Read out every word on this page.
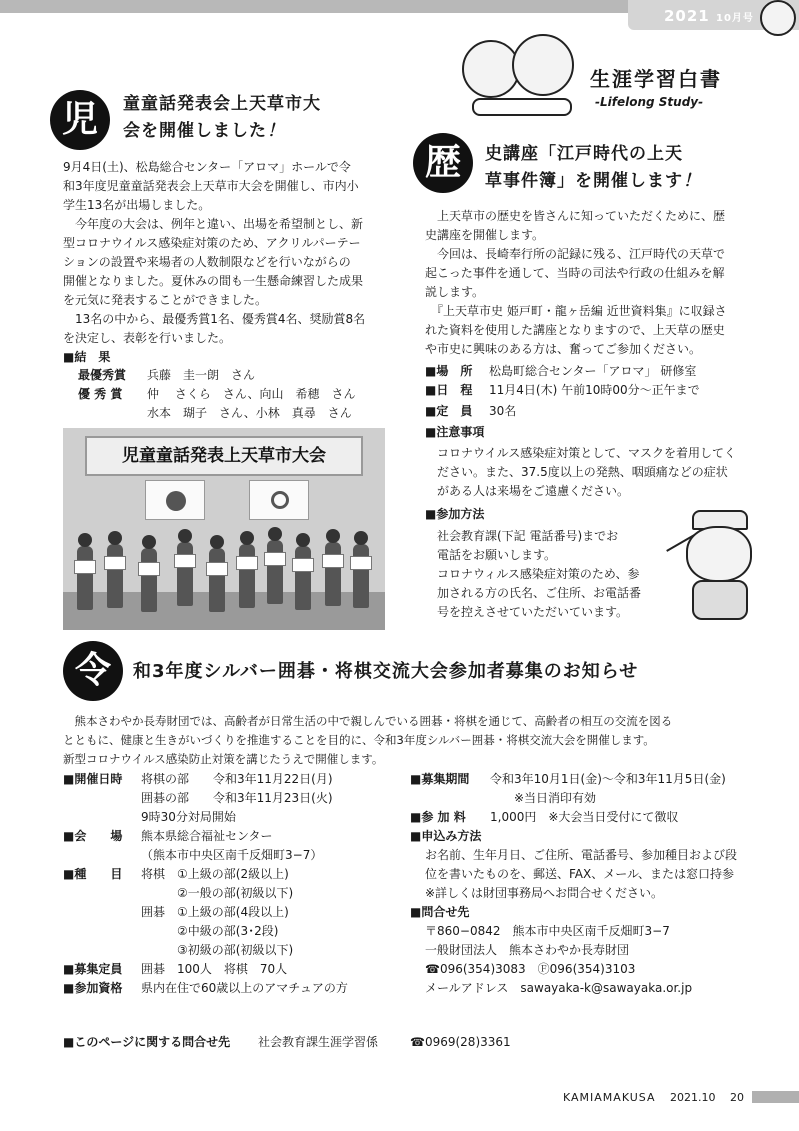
2021 10月号
生涯学習白書
-Lifelong Study-
児	童童話発表会上天草市大
会を開催しました！
9月4日(土)、松島総合センター「アロマ」ホールで令
和3年度児童童話発表会上天草市大会を開催し、市内小
学生13名が出場しました。
　今年度の大会は、例年と違い、出場を希望制とし、新
型コロナウイルス感染症対策のため、アクリルパーテー
ションの設置や来場者の人数制限などを行いながらの
開催となりました。夏休みの間も一生懸命練習した成果
を元気に発表することができました。
　13名の中から、最優秀賞1名、優秀賞4名、奨励賞8名
を決定し、表彰を行いました。
■結　果
最優秀賞 兵藤　圭一朗　さん
優 秀 賞 仲　 さくら　さん、向山　希穂　さん
水本　瑚子　さん、小林　真尋　さん
児童童話発表上天草市大会
歴	史講座「江戸時代の上天
草事件簿」を開催します！
　上天草市の歴史を皆さんに知っていただくために、歴
史講座を開催します。
　今回は、長崎奉行所の記録に残る、江戸時代の天草で
起こった事件を通して、当時の司法や行政の仕組みを解
説します。
　『上天草市史 姫戸町・龍ヶ岳編 近世資料集』に収録さ
れた資料を使用した講座となりますので、上天草の歴史
や市史に興味のある方は、奮ってご参加ください。
■場　所 松島町総合センター「アロマ」 研修室
■日　程 11月4日(木) 午前10時00分～正午まで
■定　員 30名
■注意事項
コロナウイルス感染症対策として、マスクを着用してく
ださい。また、37.5度以上の発熱、咽頭痛などの症状
がある人は来場をご遠慮ください。
■参加方法
社会教育課(下記 電話番号)までお
電話をお願いします。
コロナウィルス感染症対策のため、参
加される方の氏名、ご住所、お電話番
号を控えさせていただいています。
令	和3年度シルバー囲碁・将棋交流大会参加者募集のお知らせ
　熊本さわやか長寿財団では、高齢者が日常生活の中で親しんでいる囲碁・将棋を通じて、高齢者の相互の交流を図る
とともに、健康と生きがいづくりを推進することを目的に、令和3年度シルバー囲碁・将棋交流大会を開催します。
新型コロナウイルス感染防止対策を講じたうえで開催します。
■開催日時 将棋の部　　令和3年11月22日(月)
囲碁の部　　令和3年11月23日(火)
9時30分対局開始
■会　　場 熊本県総合福祉センター
（熊本市中央区南千反畑町3−7）
■種　　目 将棋　①上級の部(2級以上)
　　　②一般の部(初級以下)
囲碁　①上級の部(4段以上)
　　　②中級の部(3･2段)
　　　③初級の部(初級以下)
■募集定員 囲碁　100人　将棋　70人
■参加資格 県内在住で60歳以上のアマチュアの方
■募集期間 令和3年10月1日(金)～令和3年11月5日(金)
　　※当日消印有効
■参 加 料 1,000円　※大会当日受付にて徴収
■申込み方法
お名前、生年月日、ご住所、電話番号、参加種目および段
位を書いたものを、郵送、FAX、メール、または窓口持参
※詳しくは財団事務局へお問合せください。
■問合せ先
〒860−0842　熊本市中央区南千反畑町3−7
一般財団法人　熊本さわやか長寿財団
☎096(354)3083　Ⓕ096(354)3103
メールアドレス　sawayaka-k@sawayaka.or.jp
■このページに関する問合せ先 社会教育課生涯学習係	☎0969(28)3361
KAMIAMAKUSA 2021.10 20
